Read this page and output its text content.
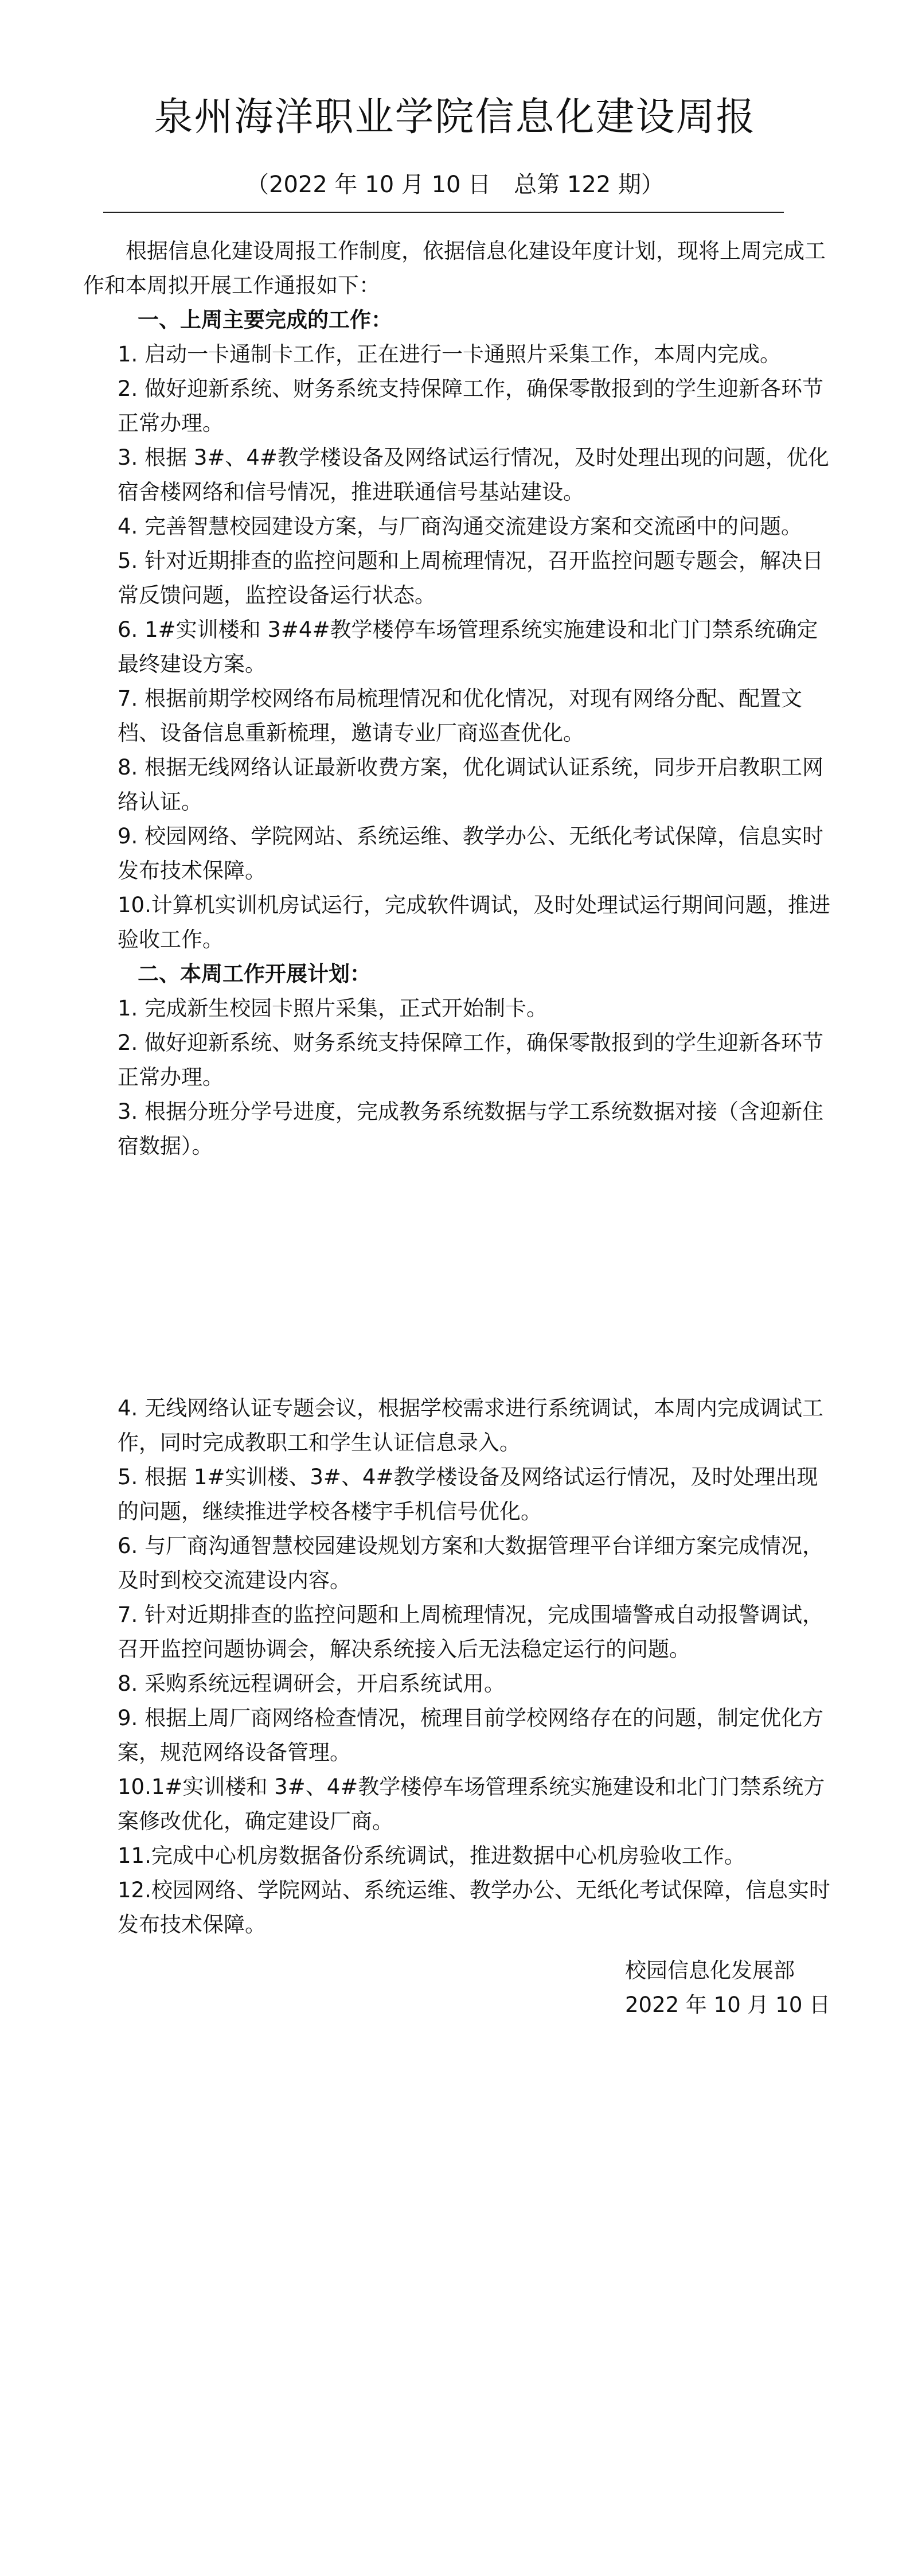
泉州海洋职业学院信息化建设周报
（2022 年 10 月 10 日　总第 122 期）

根据信息化建设周报工作制度，依据信息化建设年度计划，现将上周完成工作和本周拟开展工作通报如下：

一、上周主要完成的工作：

1. 启动一卡通制卡工作，正在进行一卡通照片采集工作，本周内完成。

2. 做好迎新系统、财务系统支持保障工作，确保零散报到的学生迎新各环节正常办理。

3. 根据 3#、4#教学楼设备及网络试运行情况，及时处理出现的问题，优化宿舍楼网络和信号情况，推进联通信号基站建设。

4. 完善智慧校园建设方案，与厂商沟通交流建设方案和交流函中的问题。

5. 针对近期排查的监控问题和上周梳理情况，召开监控问题专题会，解决日常反馈问题，监控设备运行状态。

6. 1#实训楼和 3#4#教学楼停车场管理系统实施建设和北门门禁系统确定最终建设方案。

7. 根据前期学校网络布局梳理情况和优化情况，对现有网络分配、配置文档、设备信息重新梳理，邀请专业厂商巡查优化。

8. 根据无线网络认证最新收费方案，优化调试认证系统，同步开启教职工网络认证。

9. 校园网络、学院网站、系统运维、教学办公、无纸化考试保障，信息实时发布技术保障。

10.计算机实训机房试运行，完成软件调试，及时处理试运行期间问题，推进验收工作。

二、本周工作开展计划：

1. 完成新生校园卡照片采集，正式开始制卡。

2. 做好迎新系统、财务系统支持保障工作，确保零散报到的学生迎新各环节正常办理。

3. 根据分班分学号进度，完成教务系统数据与学工系统数据对接（含迎新住宿数据）。

4. 无线网络认证专题会议，根据学校需求进行系统调试，本周内完成调试工作，同时完成教职工和学生认证信息录入。

5. 根据 1#实训楼、3#、4#教学楼设备及网络试运行情况，及时处理出现的问题，继续推进学校各楼宇手机信号优化。

6. 与厂商沟通智慧校园建设规划方案和大数据管理平台详细方案完成情况，及时到校交流建设内容。

7. 针对近期排查的监控问题和上周梳理情况，完成围墙警戒自动报警调试，召开监控问题协调会，解决系统接入后无法稳定运行的问题。

8. 采购系统远程调研会，开启系统试用。

9. 根据上周厂商网络检查情况，梳理目前学校网络存在的问题，制定优化方案，规范网络设备管理。

10.1#实训楼和 3#、4#教学楼停车场管理系统实施建设和北门门禁系统方案修改优化，确定建设厂商。

11.完成中心机房数据备份系统调试，推进数据中心机房验收工作。

12.校园网络、学院网站、系统运维、教学办公、无纸化考试保障，信息实时发布技术保障。

校园信息化发展部

2022 年 10 月 10 日
